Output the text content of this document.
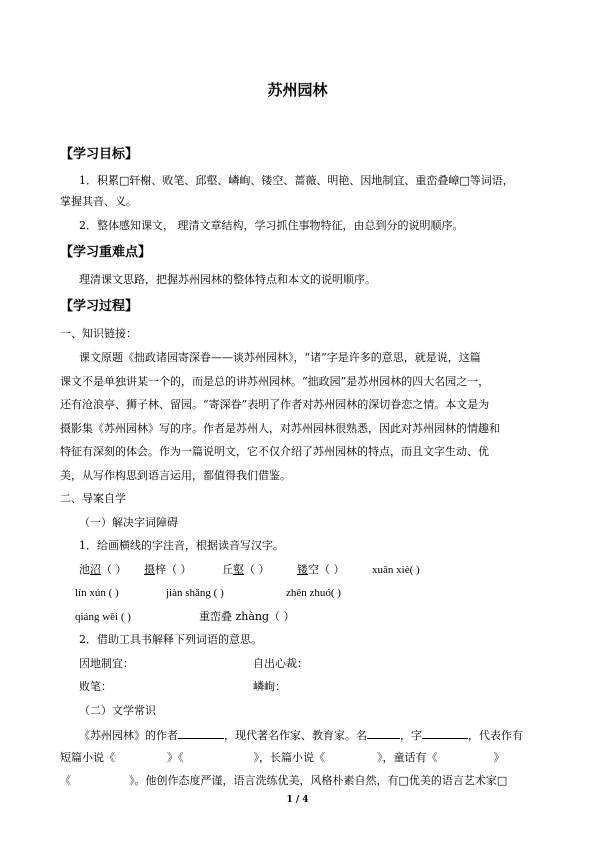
苏州园林
【学习目标】
1．积累□轩榭、败笔、邱壑、嶙峋、镂空、蔷薇、明艳、因地制宜、重峦叠嶂□等词语，
掌握其音、义。
2．整体感知课文， 理清文章结构，学习抓住事物特征，由总到分的说明顺序。
【学习重难点】
理清课文思路，把握苏州园林的整体特点和本文的说明顺序。
【学习过程】
一、知识链接：
课文原题《拙政诸园寄深眷——谈苏州园林》，“诸”字是许多的意思，就是说，这篇
课文不是单独讲某一个的，而是总的讲苏州园林。“拙政园”是苏州园林的四大名园之一，
还有沧浪亭、狮子林、留园。“寄深眷”表明了作者对苏州园林的深切眷恋之情。本文是为
摄影集《苏州园林》写的序。作者是苏州人，对苏州园林很熟悉，因此对苏州园林的情趣和
特征有深刻的体会。作为一篇说明文，它不仅介绍了苏州园林的特点，而且文字生动、优
美，从写作构思到语言运用，都值得我们借鉴。
二、导案自学
（一）解决字词障碍
1．给画横线的字注音，根据读音写汉字。
池沼（ ） 摄梓（ ）	丘壑（ ）	镂空（ ）	xuān xiè( )
lín xún ( )	jiàn shǎng ( )	zhēn zhuó( )
qiáng wēi ( )	重峦叠 zhàng（ ）
2．借助工具书解释下列词语的意思。
因地制宜：	自出心裁：
败笔：	嶙峋：
（二）文学常识
《苏州园林》的作者	，现代著名作家、教育家。名	，字	，代表作有
短篇小说《	》《	》，长篇小说《	》，童话有《	》
《	》。他创作态度严谨，语言洗练优美，风格朴素自然，有□优美的语言艺术家□
1 / 4
